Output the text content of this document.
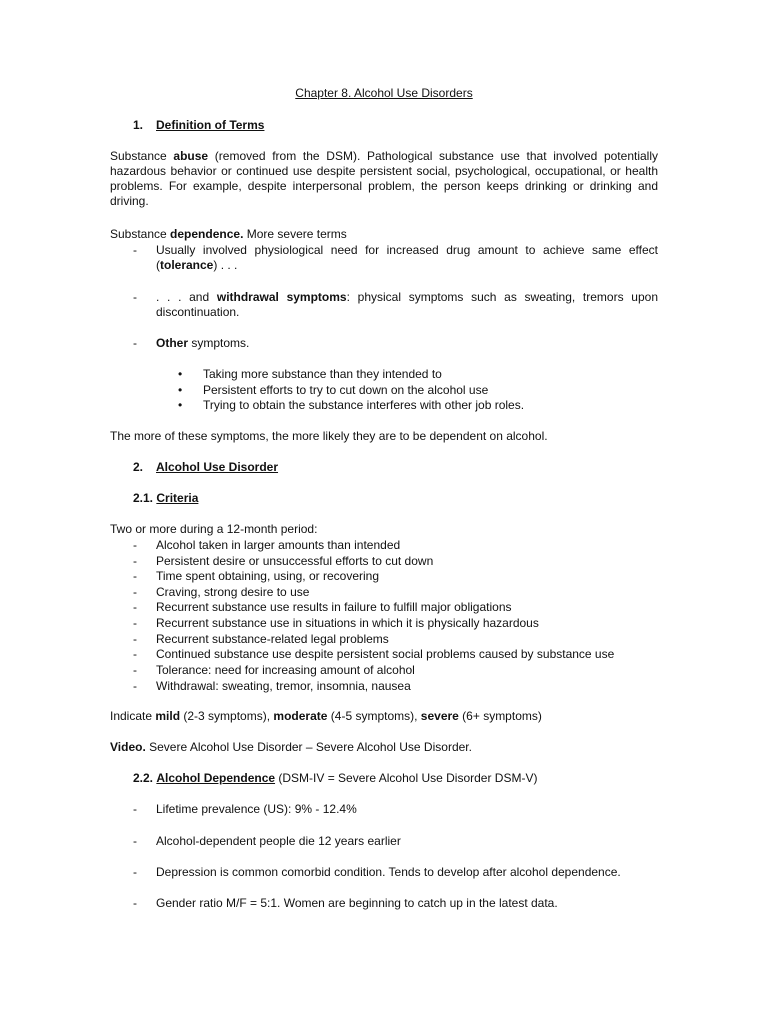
Chapter 8. Alcohol Use Disorders
1. Definition of Terms
Substance abuse (removed from the DSM). Pathological substance use that involved potentially hazardous behavior or continued use despite persistent social, psychological, occupational, or health problems. For example, despite interpersonal problem, the person keeps drinking or drinking and driving.
Substance dependence. More severe terms
- Usually involved physiological need for increased drug amount to achieve same effect (tolerance) . . .
- . . . and withdrawal symptoms: physical symptoms such as sweating, tremors upon discontinuation.
- Other symptoms.
• Taking more substance than they intended to
• Persistent efforts to try to cut down on the alcohol use
• Trying to obtain the substance interferes with other job roles.
The more of these symptoms, the more likely they are to be dependent on alcohol.
2. Alcohol Use Disorder
2.1. Criteria
Two or more during a 12-month period:
- Alcohol taken in larger amounts than intended
- Persistent desire or unsuccessful efforts to cut down
- Time spent obtaining, using, or recovering
- Craving, strong desire to use
- Recurrent substance use results in failure to fulfill major obligations
- Recurrent substance use in situations in which it is physically hazardous
- Recurrent substance-related legal problems
- Continued substance use despite persistent social problems caused by substance use
- Tolerance: need for increasing amount of alcohol
- Withdrawal: sweating, tremor, insomnia, nausea
Indicate mild (2-3 symptoms), moderate (4-5 symptoms), severe (6+ symptoms)
Video. Severe Alcohol Use Disorder – Severe Alcohol Use Disorder.
2.2. Alcohol Dependence (DSM-IV = Severe Alcohol Use Disorder DSM-V)
- Lifetime prevalence (US): 9% - 12.4%
- Alcohol-dependent people die 12 years earlier
- Depression is common comorbid condition. Tends to develop after alcohol dependence.
- Gender ratio M/F = 5:1. Women are beginning to catch up in the latest data.
